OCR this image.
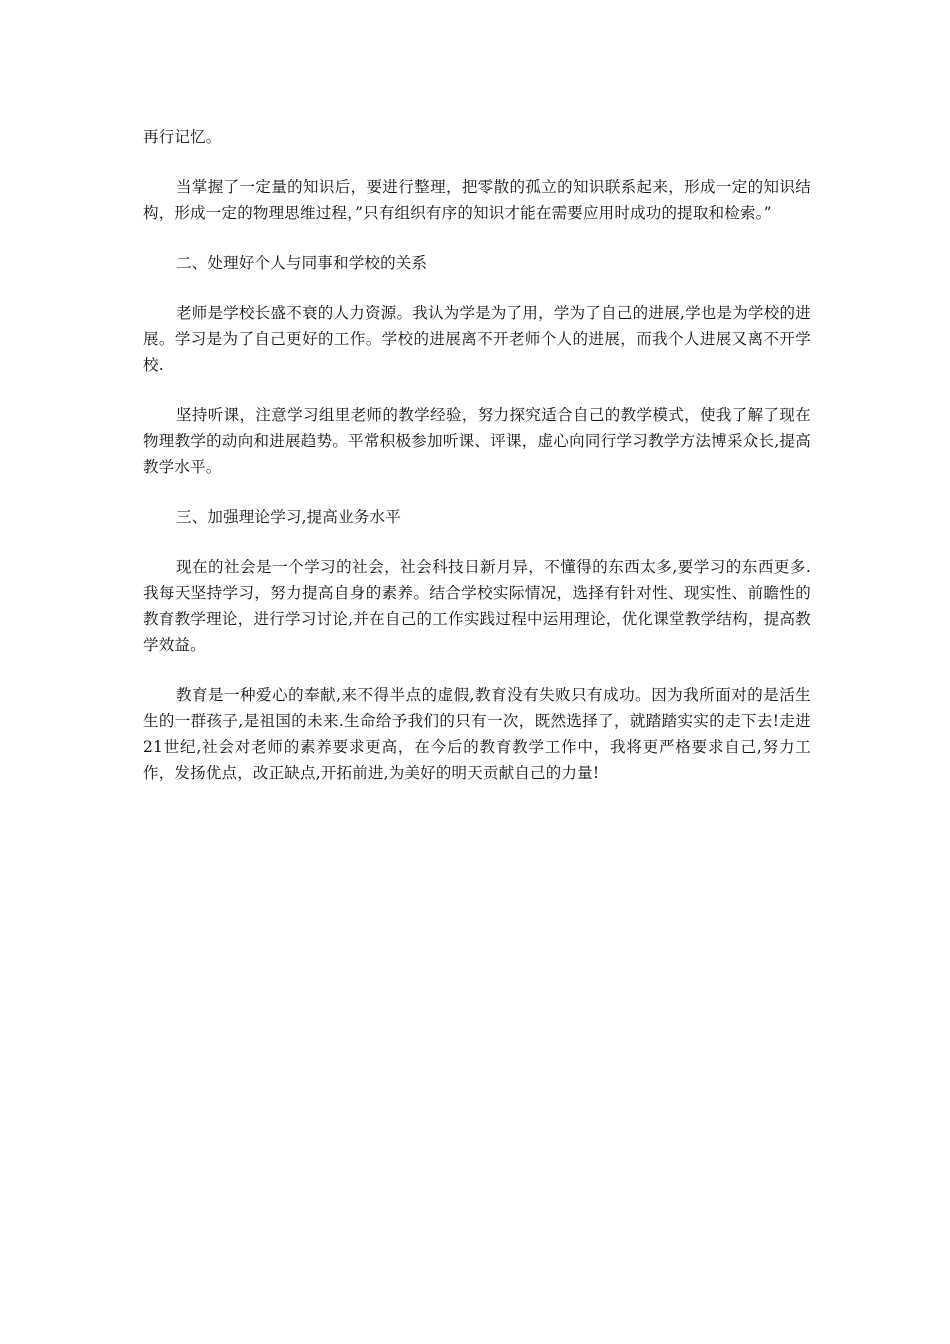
再行记忆。

当掌握了一定量的知识后，要进行整理，把零散的孤立的知识联系起来，形成一定的知识结构，形成一定的物理思维过程，”只有组织有序的知识才能在需要应用时成功的提取和检索。”

二、处理好个人与同事和学校的关系

老师是学校长盛不衰的人力资源。我认为学是为了用，学为了自己的进展,学也是为学校的进展。学习是为了自己更好的工作。学校的进展离不开老师个人的进展，而我个人进展又离不开学校.

坚持听课，注意学习组里老师的教学经验，努力探究适合自己的教学模式，使我了解了现在物理教学的动向和进展趋势。平常积极参加听课、评课，虚心向同行学习教学方法博采众长,提高教学水平。

三、加强理论学习,提高业务水平

现在的社会是一个学习的社会，社会科技日新月异，不懂得的东西太多,要学习的东西更多.我每天坚持学习，努力提高自身的素养。结合学校实际情况，选择有针对性、现实性、前瞻性的教育教学理论，进行学习讨论,并在自己的工作实践过程中运用理论，优化课堂教学结构，提高教学效益。

教育是一种爱心的奉献,来不得半点的虚假,教育没有失败只有成功。因为我所面对的是活生生的一群孩子,是祖国的未来.生命给予我们的只有一次，既然选择了，就踏踏实实的走下去!走进21世纪,社会对老师的素养要求更高，在今后的教育教学工作中，我将更严格要求自己,努力工作，发扬优点，改正缺点,开拓前进,为美好的明天贡献自己的力量!
